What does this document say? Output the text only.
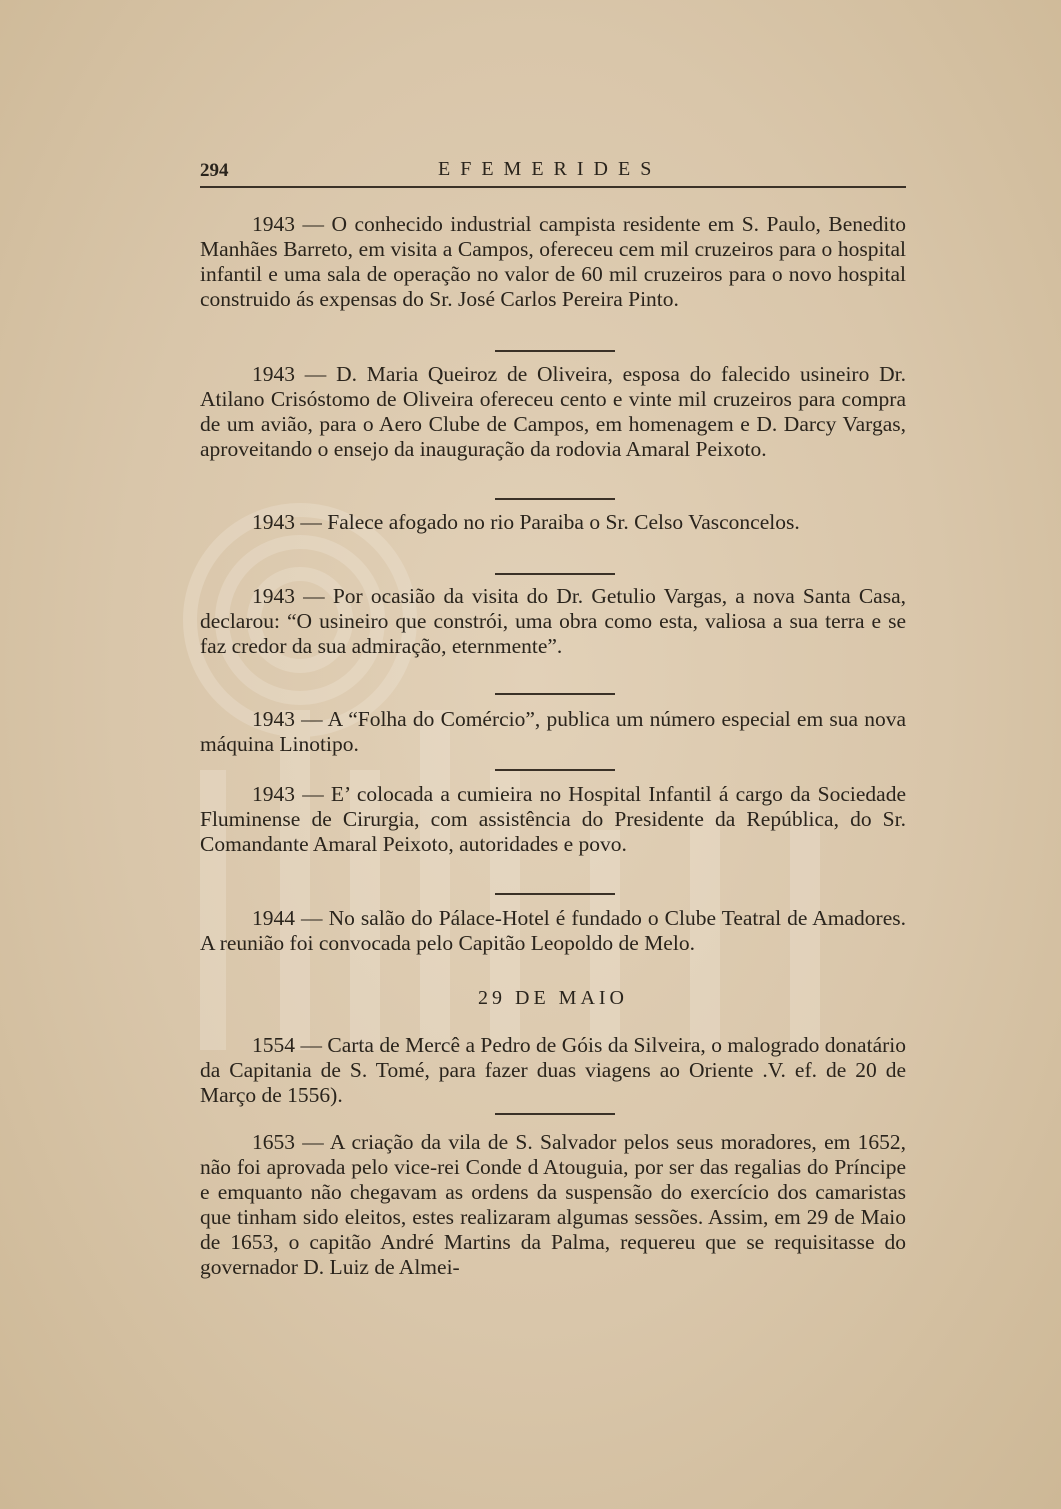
294	EFEMERIDES

1943 — O conhecido industrial campista residente em S. Paulo, Benedito Manhães Barreto, em visita a Campos, ofereceu cem mil cruzeiros para o hospital infantil e uma sala de operação no valor de 60 mil cruzeiros para o novo hospital construido ás expensas do Sr. José Carlos Pereira Pinto.

1943 — D. Maria Queiroz de Oliveira, esposa do falecido usineiro Dr. Atilano Crisóstomo de Oliveira ofereceu cento e vinte mil cruzeiros para compra de um avião, para o Aero Clube de Campos, em homenagem e D. Darcy Vargas, aproveitando o ensejo da inauguração da rodovia Amaral Peixoto.

1943 — Falece afogado no rio Paraiba o Sr. Celso Vasconcelos.

1943 — Por ocasião da visita do Dr. Getulio Vargas, a nova Santa Casa, declarou: “O usineiro que constrói, uma obra como esta, valiosa a sua terra e se faz credor da sua admiração, eternmente”.

1943 — A “Folha do Comércio”, publica um número especial em sua nova máquina Linotipo.

1943 — E’ colocada a cumieira no Hospital Infantil á cargo da Sociedade Fluminense de Cirurgia, com assistência do Presidente da República, do Sr. Comandante Amaral Peixoto, autoridades e povo.

1944 — No salão do Pálace-Hotel é fundado o Clube Teatral de Amadores. A reunião foi convocada pelo Capitão Leopoldo de Melo.

29 DE MAIO

1554 — Carta de Mercê a Pedro de Góis da Silveira, o malogrado donatário da Capitania de S. Tomé, para fazer duas viagens ao Oriente .V. ef. de 20 de Março de 1556).

1653 — A criação da vila de S. Salvador pelos seus moradores, em 1652, não foi aprovada pelo vice-rei Conde d Atouguia, por ser das regalias do Príncipe e emquanto não chegavam as ordens da suspensão do exercício dos camaristas que tinham sido eleitos, estes realizaram algumas sessões. Assim, em 29 de Maio de 1653, o capitão André Martins da Palma, requereu que se requisitasse do governador D. Luiz de Almei-
